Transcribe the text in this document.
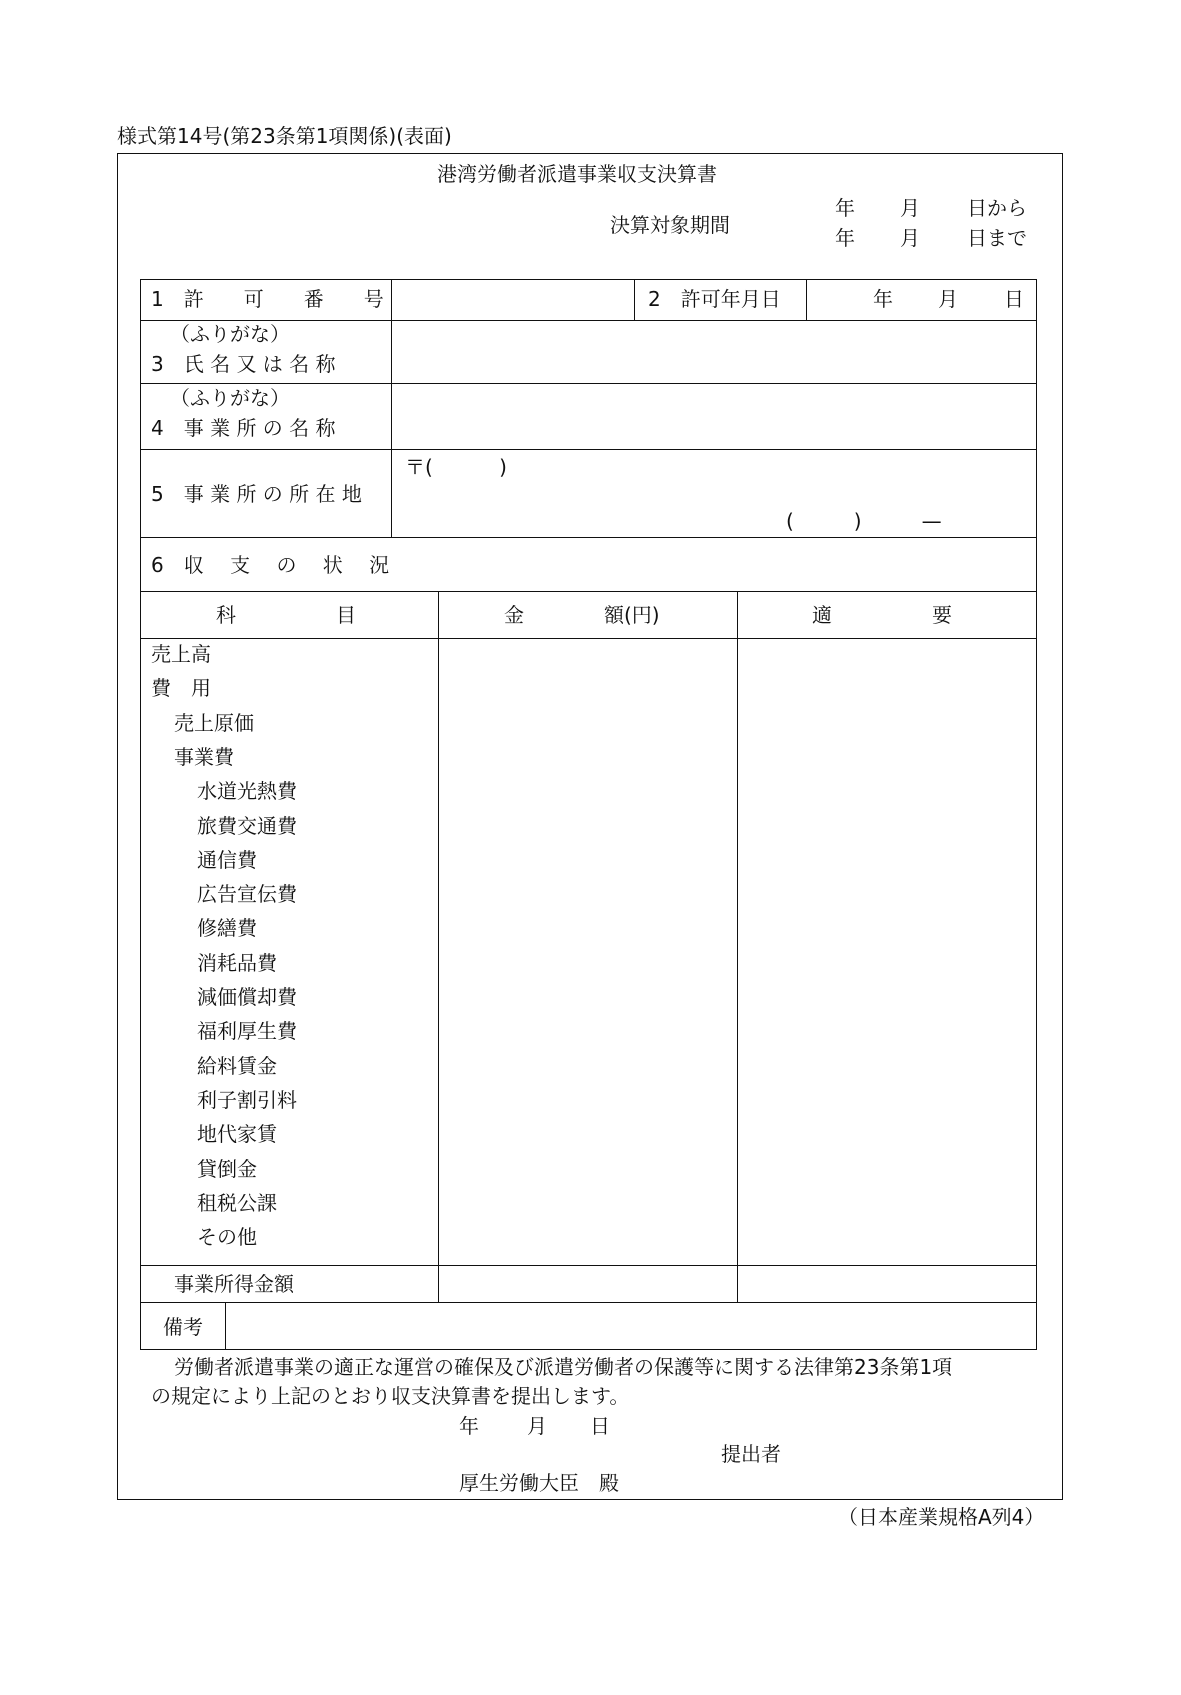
様式第14号(第23条第1項関係)(表面)
港湾労働者派遣事業収支決算書
決算対象期間
年 月 日から
年 月 日まで
1　許　　可　　番　　号	2　許可年月日	年 月 日
（ふりがな）
3　氏 名 又 は 名 称
（ふりがな）
4　事 業 所 の 名 称
5　事 業 所 の 所 在 地
〒(　　　 )
(　　　)　　　—
6　収　 支　 の　 状　 況
科　　　　　目	金　　　　額(円)	適　　　　　要
売上高
費　用
売上原価
事業費
水道光熱費
旅費交通費
通信費
広告宣伝費
修繕費
消耗品費
減価償却費
福利厚生費
給料賃金
利子割引料
地代家賃
貸倒金
租税公課
その他
事業所得金額
備考
労働者派遣事業の適正な運営の確保及び派遣労働者の保護等に関する法律第23条第1項
の規定により上記のとおり収支決算書を提出します。
年 月 日
提出者
厚生労働大臣　殿
（日本産業規格A列4）
